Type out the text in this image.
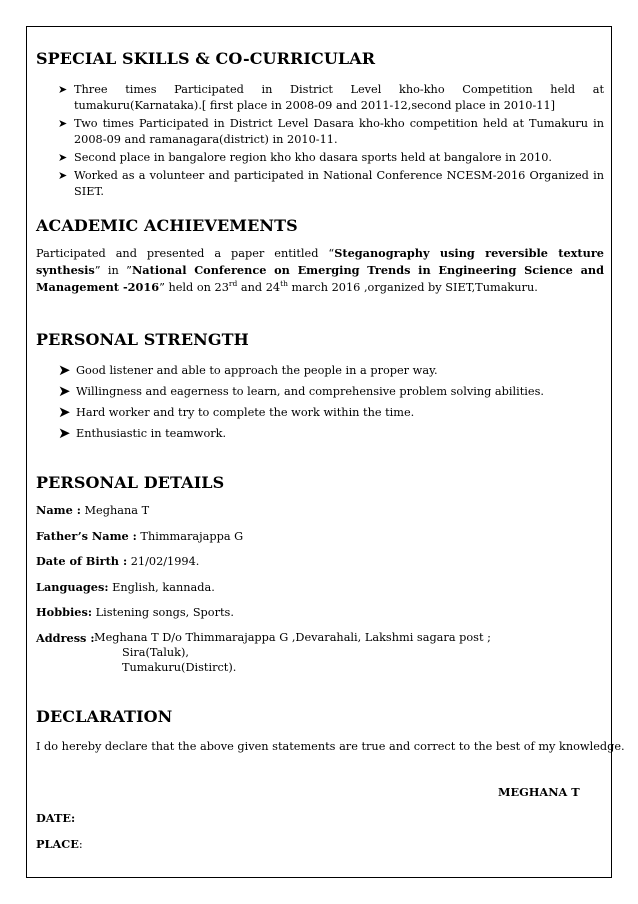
SPECIAL SKILLS & CO-CURRICULAR
➤ Three times Participated in District Level kho-kho Competition held at tumakuru(Karnataka).[ first place in 2008-09 and 2011-12,second place in 2010-11]
➤ Two times Participated in District Level Dasara kho-kho competition held at Tumakuru in 2008-09 and ramanagara(district) in 2010-11.
➤ Second place in bangalore region kho kho dasara sports held at bangalore in 2010.
➤ Worked as a volunteer and participated in National Conference NCESM-2016 Organized in SIET.
ACADEMIC ACHIEVEMENTS

Participated and presented a paper entitled “Steganography using reversible texture synthesis” in ”National Conference on Emerging Trends in Engineering Science and Management -2016” held on 23rd and 24th march 2016 ,organized by SIET,Tumakuru.

PERSONAL STRENGTH
➤ Good listener and able to approach the people in a proper way.
➤ Willingness and eagerness to learn, and comprehensive problem solving abilities.
➤ Hard worker and try to complete the work within the time.
➤ Enthusiastic in teamwork.
PERSONAL DETAILS

Name : Meghana T

Father’s Name : Thimmarajappa G

Date of Birth : 21/02/1994.

Languages: English, kannada.

Hobbies: Listening songs, Sports.

Address : Meghana T D/o Thimmarajappa G ,Devarahali, Lakshmi sagara post ;

Sira(Taluk),

Tumakuru(Distirct).

DECLARATION

I do hereby declare that the above given statements are true and correct to the best of my knowledge.

MEGHANA T

DATE:

PLACE:
